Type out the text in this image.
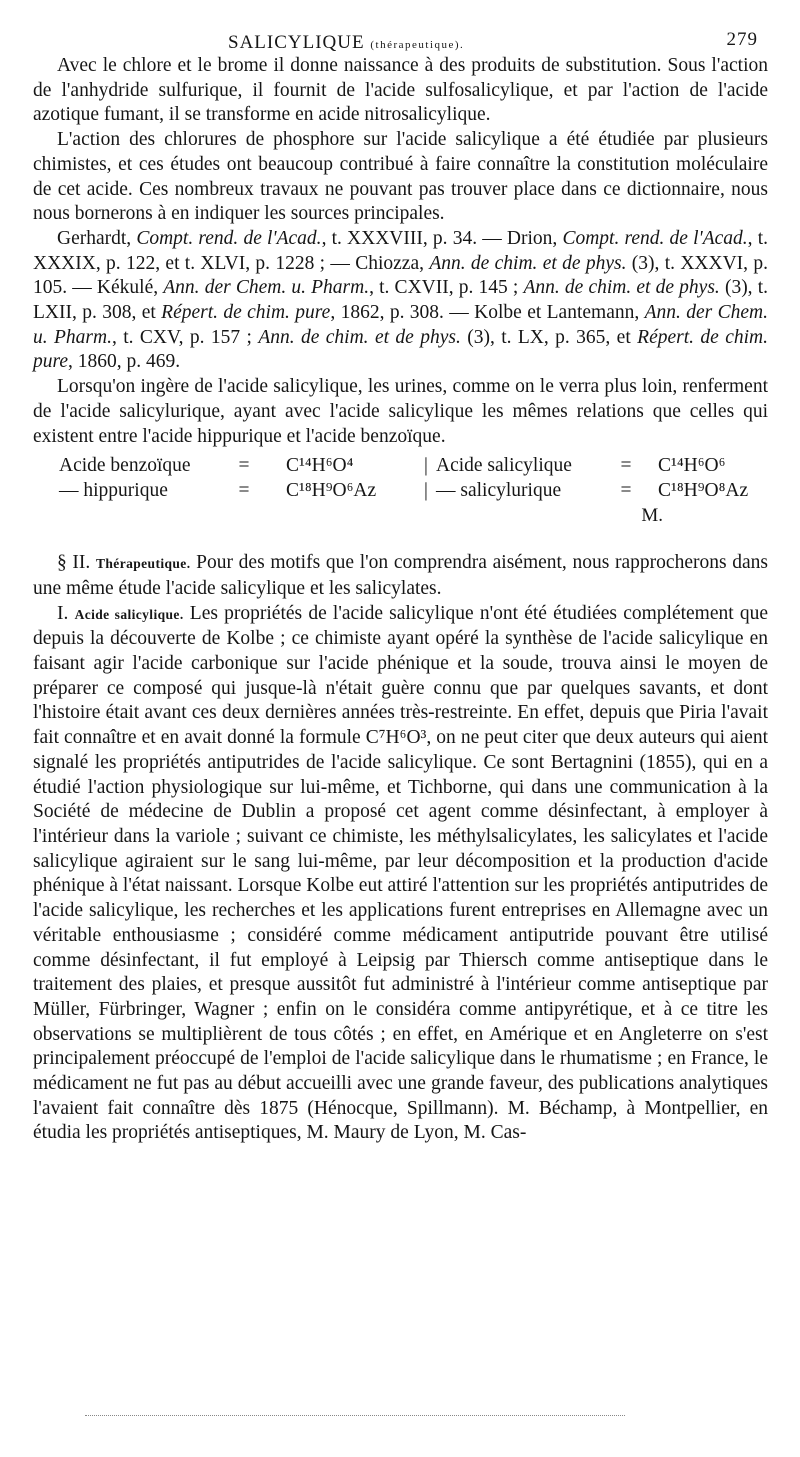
SALICYLIQUE (thérapeutique).	279

Avec le chlore et le brome il donne naissance à des produits de substitution. Sous l'action de l'anhydride sulfurique, il fournit de l'acide sulfosalicylique, et par l'action de l'acide azotique fumant, il se transforme en acide nitrosalicylique.

L'action des chlorures de phosphore sur l'acide salicylique a été étudiée par plusieurs chimistes, et ces études ont beaucoup contribué à faire connaître la constitution moléculaire de cet acide. Ces nombreux travaux ne pouvant pas trouver place dans ce dictionnaire, nous nous bornerons à en indiquer les sources principales.

Gerhardt, Compt. rend. de l'Acad., t. XXXVIII, p. 34. — Drion, Compt. rend. de l'Acad., t. XXXIX, p. 122, et t. XLVI, p. 1228 ; — Chiozza, Ann. de chim. et de phys. (3), t. XXXVI, p. 105. — Kékulé, Ann. der Chem. u. Pharm., t. CXVII, p. 145 ; Ann. de chim. et de phys. (3), t. LXII, p. 308, et Répert. de chim. pure, 1862, p. 308. — Kolbe et Lantemann, Ann. der Chem. u. Pharm., t. CXV, p. 157 ; Ann. de chim. et de phys. (3), t. LX, p. 365, et Répert. de chim. pure, 1860, p. 469.

Lorsqu'on ingère de l'acide salicylique, les urines, comme on le verra plus loin, renferment de l'acide salicylurique, ayant avec l'acide salicylique les mêmes relations que celles qui existent entre l'acide hippurique et l'acide benzoïque.

Acide benzoïque	=	C¹⁴H⁶O⁴	|	Acide salicylique	=	C¹⁴H⁶O⁶
— hippurique	=	C¹⁸H⁹O⁶Az	|	— salicylurique	=	C¹⁸H⁹O⁸Az
M.

§ II. Thérapeutique. Pour des motifs que l'on comprendra aisément, nous rapprocherons dans une même étude l'acide salicylique et les salicylates.

I. Acide salicylique. Les propriétés de l'acide salicylique n'ont été étudiées complétement que depuis la découverte de Kolbe ; ce chimiste ayant opéré la synthèse de l'acide salicylique en faisant agir l'acide carbonique sur l'acide phénique et la soude, trouva ainsi le moyen de préparer ce composé qui jusque-là n'était guère connu que par quelques savants, et dont l'histoire était avant ces deux dernières années très-restreinte. En effet, depuis que Piria l'avait fait connaître et en avait donné la formule C⁷H⁶O³, on ne peut citer que deux auteurs qui aient signalé les propriétés antiputrides de l'acide salicylique. Ce sont Bertagnini (1855), qui en a étudié l'action physiologique sur lui-même, et Tichborne, qui dans une communication à la Société de médecine de Dublin a proposé cet agent comme désinfectant, à employer à l'intérieur dans la variole ; suivant ce chimiste, les méthylsalicylates, les salicylates et l'acide salicylique agiraient sur le sang lui-même, par leur décomposition et la production d'acide phénique à l'état naissant. Lorsque Kolbe eut attiré l'attention sur les propriétés antiputrides de l'acide salicylique, les recherches et les applications furent entreprises en Allemagne avec un véritable enthousiasme ; considéré comme médicament antiputride pouvant être utilisé comme désinfectant, il fut employé à Leipsig par Thiersch comme antiseptique dans le traitement des plaies, et presque aussitôt fut administré à l'intérieur comme antiseptique par Müller, Fürbringer, Wagner ; enfin on le considéra comme antipyrétique, et à ce titre les observations se multiplièrent de tous côtés ; en effet, en Amérique et en Angleterre on s'est principalement préoccupé de l'emploi de l'acide salicylique dans le rhumatisme ; en France, le médicament ne fut pas au début accueilli avec une grande faveur, des publications analytiques l'avaient fait connaître dès 1875 (Hénocque, Spillmann). M. Béchamp, à Montpellier, en étudia les propriétés antiseptiques, M. Maury de Lyon, M. Cas-
